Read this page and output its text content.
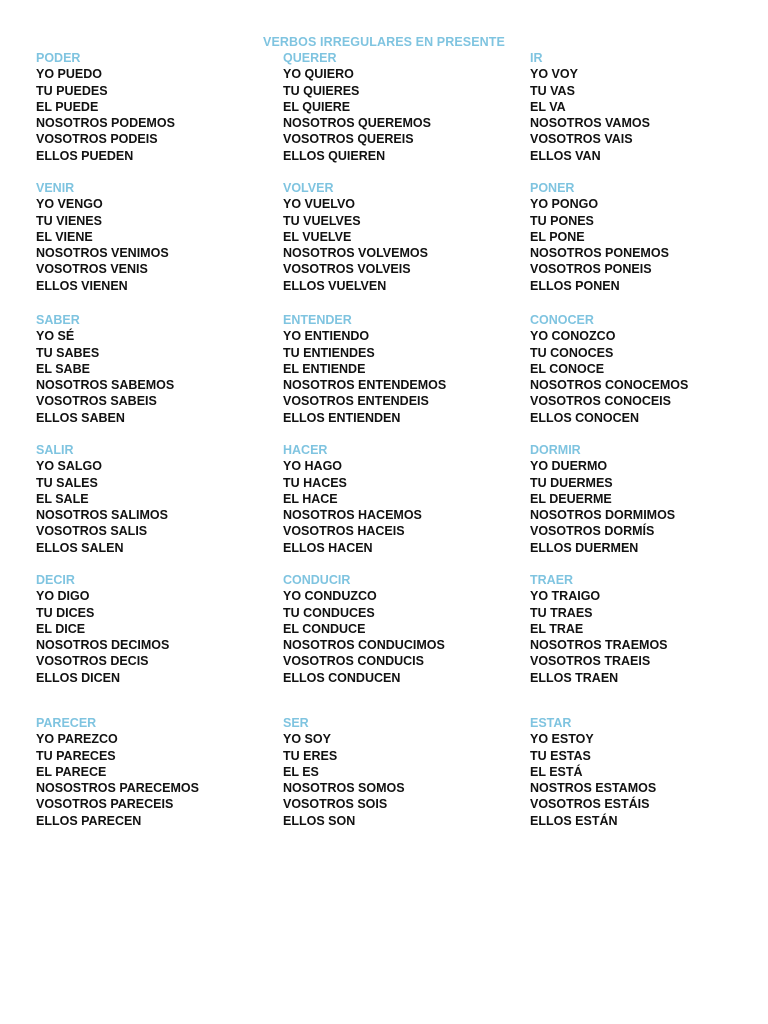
VERBOS IRREGULARES EN PRESENTE
PODER
YO PUEDO
TU PUEDES
EL PUEDE
NOSOTROS PODEMOS
VOSOTROS PODEIS
ELLOS PUEDEN
QUERER
YO QUIERO
TU QUIERES
EL QUIERE
NOSOTROS QUEREMOS
VOSOTROS QUEREIS
ELLOS QUIEREN
IR
YO VOY
TU VAS
EL VA
NOSOTROS VAMOS
VOSOTROS VAIS
ELLOS VAN
VENIR
YO VENGO
TU VIENES
EL VIENE
NOSOTROS VENIMOS
VOSOTROS VENIS
ELLOS VIENEN
VOLVER
YO VUELVO
TU VUELVES
EL VUELVE
NOSOTROS VOLVEMOS
VOSOTROS VOLVEIS
ELLOS VUELVEN
PONER
YO PONGO
TU PONES
EL PONE
NOSOTROS PONEMOS
VOSOTROS PONEIS
ELLOS PONEN
SABER
YO SÉ
TU SABES
EL SABE
NOSOTROS SABEMOS
VOSOTROS SABEIS
ELLOS SABEN
ENTENDER
YO ENTIENDO
TU ENTIENDES
EL ENTIENDE
NOSOTROS ENTENDEMOS
VOSOTROS ENTENDEIS
ELLOS ENTIENDEN
CONOCER
YO CONOZCO
TU CONOCES
EL CONOCE
NOSOTROS CONOCEMOS
VOSOTROS CONOCEIS
ELLOS CONOCEN
SALIR
YO SALGO
TU SALES
EL SALE
NOSOTROS SALIMOS
VOSOTROS SALIS
ELLOS SALEN
HACER
YO HAGO
TU HACES
EL HACE
NOSOTROS HACEMOS
VOSOTROS HACEIS
ELLOS HACEN
DORMIR
YO DUERMO
TU DUERMES
EL DEUERME
NOSOTROS DORMIMOS
VOSOTROS DORMÍS
ELLOS DUERMEN
DECIR
YO DIGO
TU DICES
EL DICE
NOSOTROS DECIMOS
VOSOTROS DECIS
ELLOS DICEN
CONDUCIR
YO CONDUZCO
TU CONDUCES
EL CONDUCE
NOSOTROS CONDUCIMOS
VOSOTROS CONDUCIS
ELLOS CONDUCEN
TRAER
YO TRAIGO
TU TRAES
EL TRAE
NOSOTROS TRAEMOS
VOSOTROS TRAEIS
ELLOS TRAEN
PARECER
YO PAREZCO
TU PARECES
EL PARECE
NOSOSTROS PARECEMOS
VOSOTROS PARECEIS
ELLOS PARECEN
SER
YO SOY
TU ERES
EL ES
NOSOTROS SOMOS
VOSOTROS SOIS
ELLOS SON
ESTAR
YO ESTOY
TU ESTAS
EL ESTÁ
NOSTROS ESTAMOS
VOSOTROS ESTÁIS
ELLOS ESTÁN
